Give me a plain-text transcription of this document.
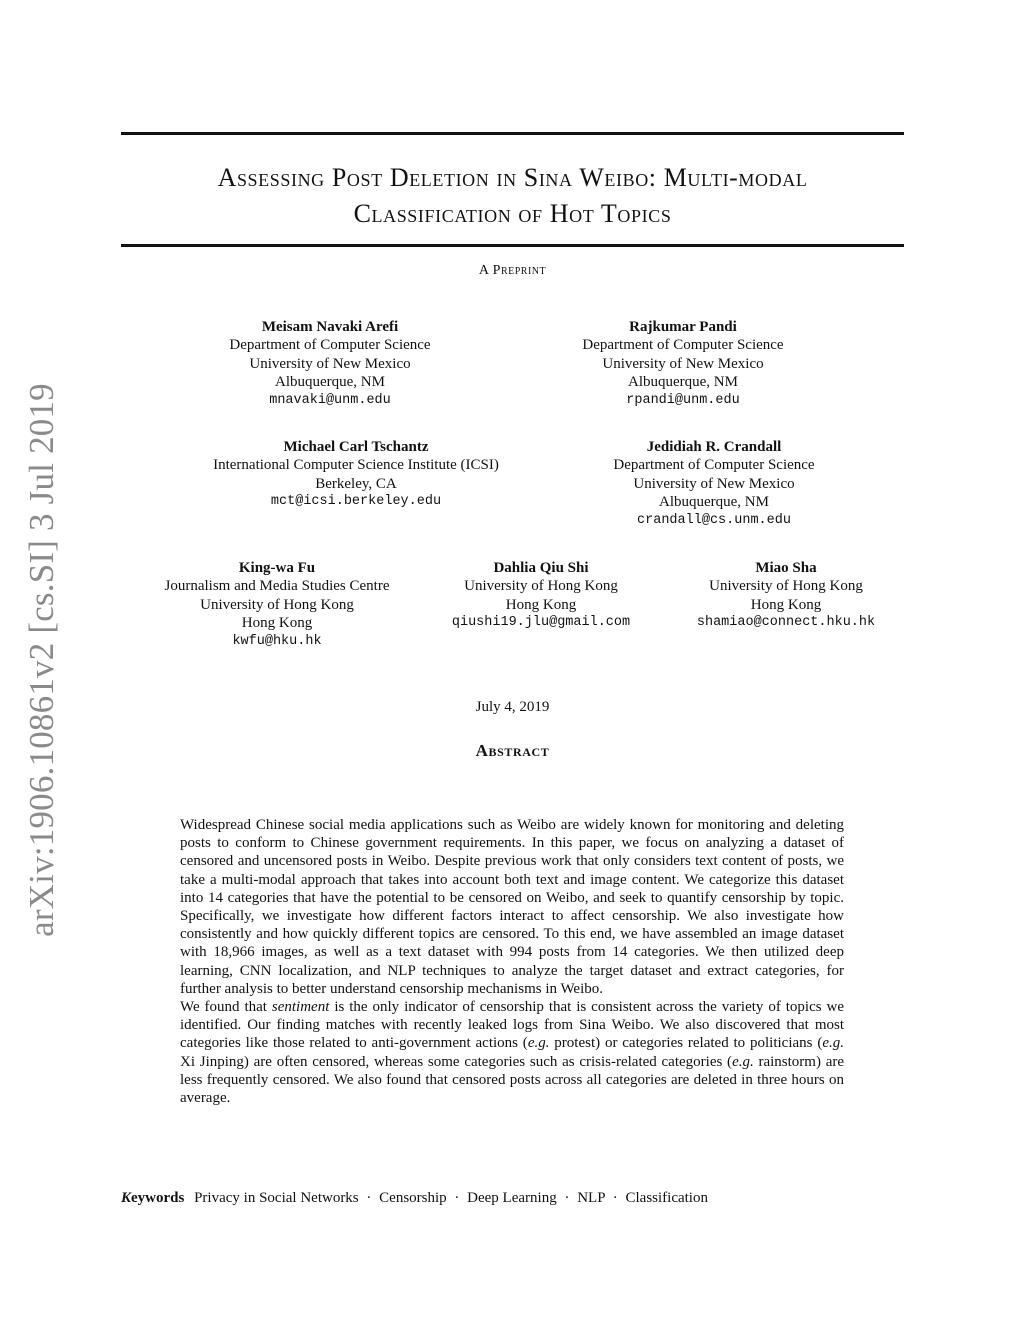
arXiv:1906.10861v2 [cs.SI] 3 Jul 2019
Assessing Post Deletion in Sina Weibo: Multi-modal
Classification of Hot Topics
A Preprint
Meisam Navaki Arefi
Department of Computer Science
University of New Mexico
Albuquerque, NM
mnavaki@unm.edu
Rajkumar Pandi
Department of Computer Science
University of New Mexico
Albuquerque, NM
rpandi@unm.edu
Michael Carl Tschantz
International Computer Science Institute (ICSI)
Berkeley, CA
mct@icsi.berkeley.edu
Jedidiah R. Crandall
Department of Computer Science
University of New Mexico
Albuquerque, NM
crandall@cs.unm.edu
King-wa Fu
Journalism and Media Studies Centre
University of Hong Kong
Hong Kong
kwfu@hku.hk
Dahlia Qiu Shi
University of Hong Kong
Hong Kong
qiushi19.jlu@gmail.com
Miao Sha
University of Hong Kong
Hong Kong
shamiao@connect.hku.hk
July 4, 2019
Abstract

Widespread Chinese social media applications such as Weibo are widely known for monitoring and deleting posts to conform to Chinese government requirements. In this paper, we focus on analyzing a dataset of censored and uncensored posts in Weibo. Despite previous work that only considers text content of posts, we take a multi-modal approach that takes into account both text and image content. We categorize this dataset into 14 categories that have the potential to be censored on Weibo, and seek to quantify censorship by topic. Specifically, we investigate how different factors interact to affect censorship. We also investigate how consistently and how quickly different topics are censored. To this end, we have assembled an image dataset with 18,966 images, as well as a text dataset with 994 posts from 14 categories. We then utilized deep learning, CNN localization, and NLP techniques to analyze the target dataset and extract categories, for further analysis to better understand censorship mechanisms in Weibo.

We found that sentiment is the only indicator of censorship that is consistent across the variety of topics we identified. Our finding matches with recently leaked logs from Sina Weibo. We also discovered that most categories like those related to anti-government actions (e.g. protest) or categories related to politicians (e.g. Xi Jinping) are often censored, whereas some categories such as crisis-related categories (e.g. rainstorm) are less frequently censored. We also found that censored posts across all categories are deleted in three hours on average.

Keywords Privacy in Social Networks · Censorship · Deep Learning · NLP · Classification
